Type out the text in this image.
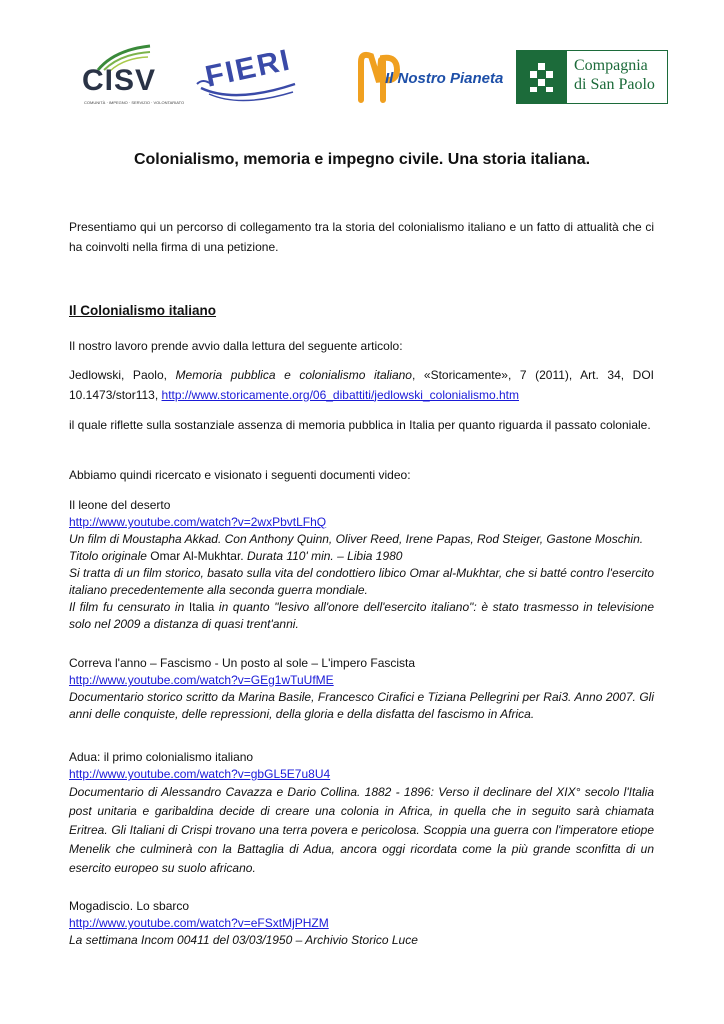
CISV
COMUNITÀ · IMPEGNO · SERVIZIO · VOLONTARIATO
FIERI	Il Nostro Pianeta
Compagnia
di San Paolo
Colonialismo, memoria e impegno civile. Una storia italiana.
Presentiamo qui un percorso di collegamento tra la storia del colonialismo italiano e un fatto di attualità che ci ha coinvolti nella firma di una petizione.
Il Colonialismo italiano
Il nostro lavoro prende avvio dalla lettura del seguente articolo:
Jedlowski, Paolo, Memoria pubblica e colonialismo italiano, «Storicamente», 7 (2011), Art. 34, DOI 10.1473/stor113, http://www.storicamente.org/06_dibattiti/jedlowski_colonialismo.htm
il quale riflette sulla sostanziale assenza di memoria pubblica in Italia per quanto riguarda il passato coloniale.
Abbiamo quindi ricercato e visionato i seguenti documenti video:
Il leone del deserto
http://www.youtube.com/watch?v=2wxPbvtLFhQ
Un film di Moustapha Akkad. Con Anthony Quinn, Oliver Reed, Irene Papas, Rod Steiger, Gastone Moschin.
Titolo originale Omar Al-Mukhtar. Durata 110' min. – Libia 1980
Si tratta di un film storico, basato sulla vita del condottiero libico Omar al-Mukhtar, che si batté contro l'esercito italiano precedentemente alla seconda guerra mondiale.
Il film fu censurato in Italia in quanto "lesivo all'onore dell'esercito italiano": è stato trasmesso in televisione solo nel 2009 a distanza di quasi trent'anni.
Correva l'anno – Fascismo - Un posto al sole – L'impero Fascista
http://www.youtube.com/watch?v=GEg1wTuUfME
Documentario storico scritto da Marina Basile, Francesco Cirafici e Tiziana Pellegrini per Rai3. Anno 2007. Gli anni delle conquiste, delle repressioni, della gloria e della disfatta del fascismo in Africa.
Adua: il primo colonialismo italiano
http://www.youtube.com/watch?v=gbGL5E7u8U4
Documentario di Alessandro Cavazza e Dario Collina. 1882 - 1896: Verso il declinare del XIX° secolo l'Italia post unitaria e garibaldina decide di creare una colonia in Africa, in quella che in seguito sarà chiamata Eritrea. Gli Italiani di Crispi trovano una terra povera e pericolosa. Scoppia una guerra con l'imperatore etiope Menelik che culminerà con la Battaglia di Adua, ancora oggi ricordata come la più grande sconfitta di un esercito europeo su suolo africano.
Mogadiscio. Lo sbarco
http://www.youtube.com/watch?v=eFSxtMjPHZM
La settimana Incom 00411 del 03/03/1950 – Archivio Storico Luce
